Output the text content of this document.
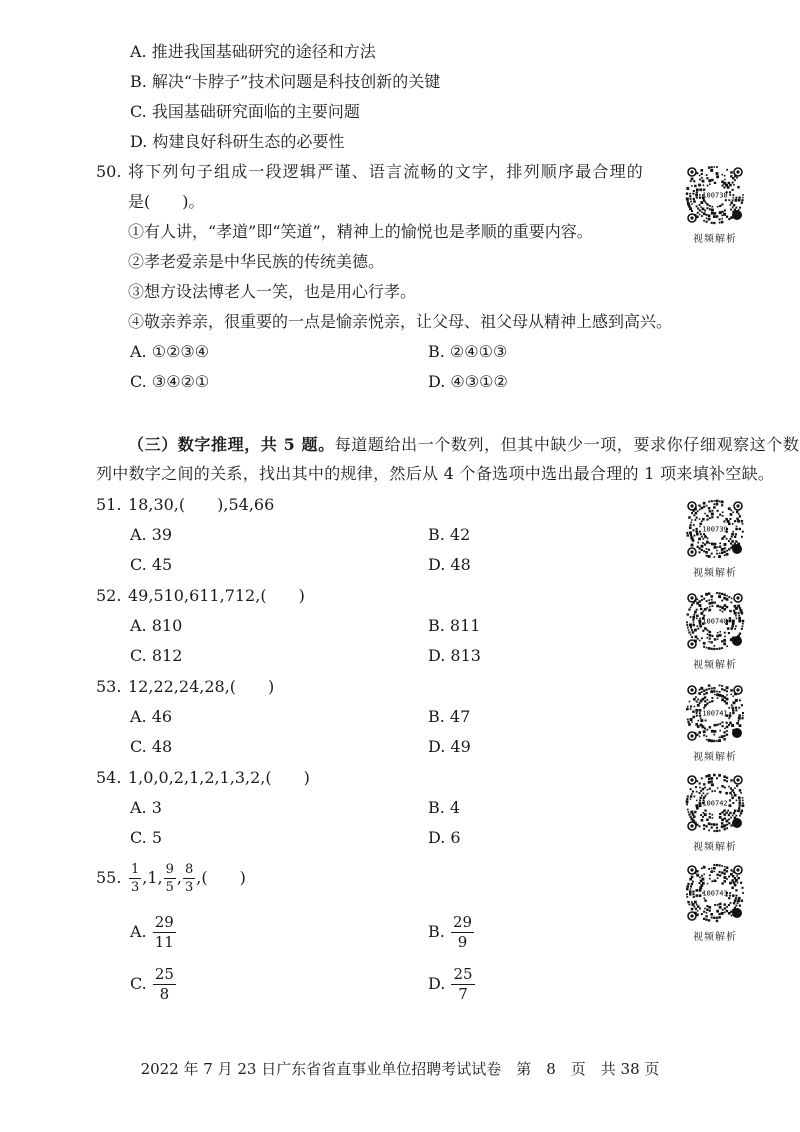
A. 推进我国基础研究的途径和方法
B. 解决“卡脖子”技术问题是科技创新的关键
C. 我国基础研究面临的主要问题
D. 构建良好科研生态的必要性
50. 将下列句子组成一段逻辑严谨、语言流畅的文字，排列顺序最合理的
是(　　)。
①有人讲，“孝道”即“笑道”，精神上的愉悦也是孝顺的重要内容。
②孝老爱亲是中华民族的传统美德。
③想方设法博老人一笑，也是用心行孝。
④敬亲养亲，很重要的一点是愉亲悦亲，让父母、祖父母从精神上感到高兴。
A. ①②③④	B. ②④①③
C. ③④②①	D. ④③①②
100738
视频解析
（三）数字推理，共 5 题。每道题给出一个数列，但其中缺少一项，要求你仔细观察这个数
列中数字之间的关系，找出其中的规律，然后从 4 个备选项中选出最合理的 1 项来填补空缺。
51. 18,30,(　　),54,66
A. 39	B. 42
C. 45	D. 48
100739
视频解析
52. 49,510,611,712,(　　)
A. 810	B. 811
C. 812	D. 813
100740
视频解析
53. 12,22,24,28,(　　)
A. 46	B. 47
C. 48	D. 49
100741
视频解析
54. 1,0,0,2,1,2,1,3,2,(　　)
A. 3	B. 4
C. 5	D. 6
100742
视频解析
55. $\frac{1}{3} ,1$, $\frac{9}{5}$ , $\frac{8}{3}$ ,(　　)
A. $\frac{29}{11}$	B. $\frac{29}{9}$
C. $\frac{25}{8}$	D. $\frac{25}{7}$
100743
视频解析
2022 年 7 月 23 日广东省省直事业单位招聘考试试卷　第　8　页　共 38 页
